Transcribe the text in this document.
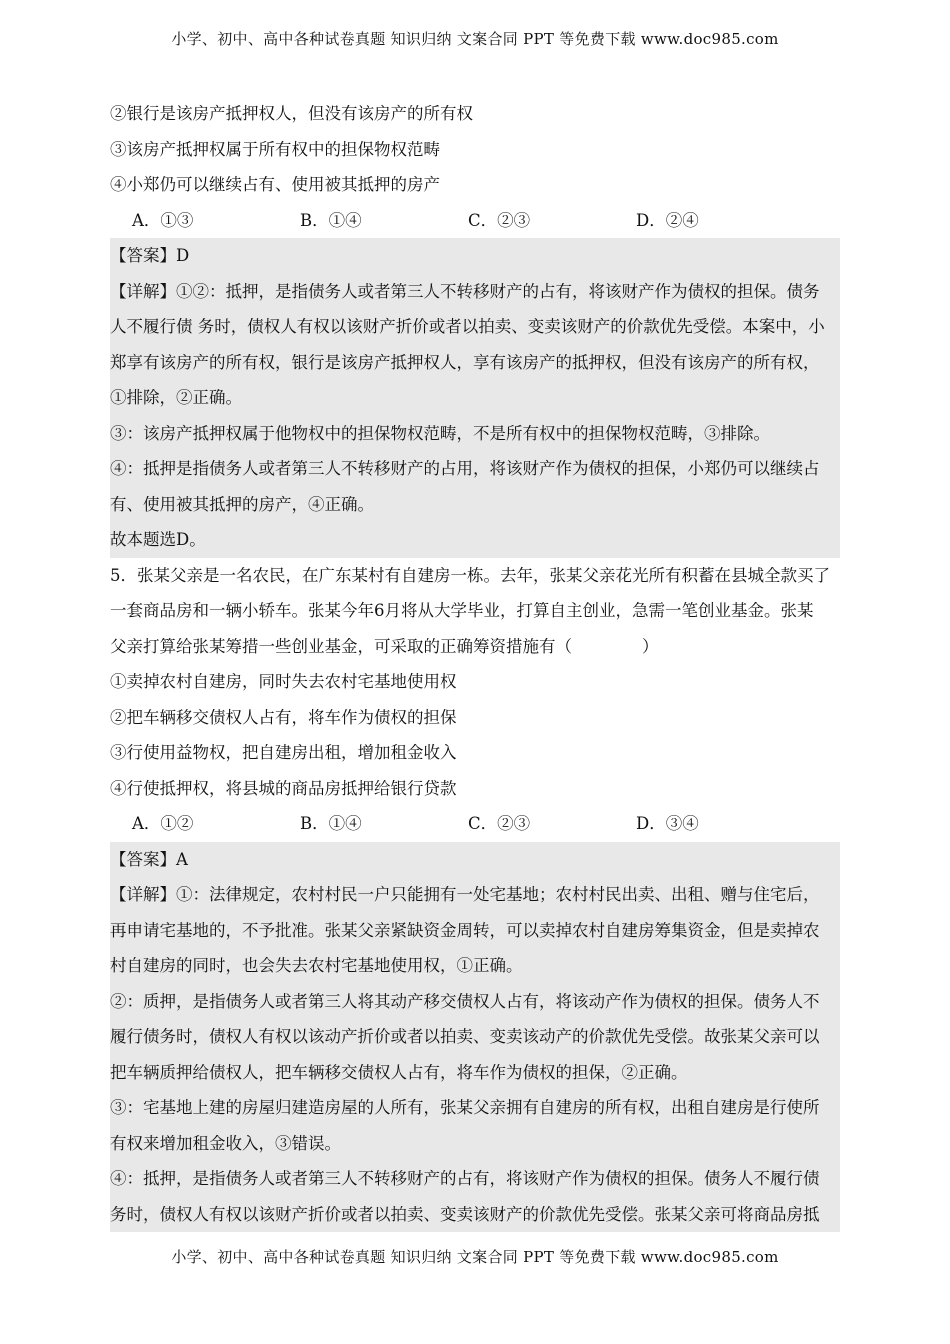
小学、初中、高中各种试卷真题 知识归纳 文案合同 PPT 等免费下载 www.doc985.com
②银行是该房产抵押权人，但没有该房产的所有权
③该房产抵押权属于所有权中的担保物权范畴
④小郑仍可以继续占有、使用被其抵押的房产
A．①③	B．①④	C．②③	D．②④
【答案】D
【详解】①②：抵押，是指债务人或者第三人不转移财产的占有，将该财产作为债权的担保。债务
人不履行债 务时，债权人有权以该财产折价或者以拍卖、变卖该财产的价款优先受偿。本案中，小
郑享有该房产的所有权，银行是该房产抵押权人，享有该房产的抵押权，但没有该房产的所有权，
①排除，②正确。
③：该房产抵押权属于他物权中的担保物权范畴，不是所有权中的担保物权范畴，③排除。
④：抵押是指债务人或者第三人不转移财产的占用，将该财产作为债权的担保，小郑仍可以继续占
有、使用被其抵押的房产，④正确。
故本题选D。
5．张某父亲是一名农民，在广东某村有自建房一栋。去年，张某父亲花光所有积蓄在县城全款买了
一套商品房和一辆小轿车。张某今年6月将从大学毕业，打算自主创业，急需一笔创业基金。张某
父亲打算给张某筹措一些创业基金，可采取的正确筹资措施有（	）
①卖掉农村自建房，同时失去农村宅基地使用权
②把车辆移交债权人占有，将车作为债权的担保
③行使用益物权，把自建房出租，增加租金收入
④行使抵押权，将县城的商品房抵押给银行贷款
A．①②	B．①④	C．②③	D．③④
【答案】A
【详解】①：法律规定，农村村民一户只能拥有一处宅基地；农村村民出卖、出租、赠与住宅后，
再申请宅基地的，不予批准。张某父亲紧缺资金周转，可以卖掉农村自建房筹集资金，但是卖掉农
村自建房的同时，也会失去农村宅基地使用权，①正确。
②：质押，是指债务人或者第三人将其动产移交债权人占有，将该动产作为债权的担保。债务人不
履行债务时，债权人有权以该动产折价或者以拍卖、变卖该动产的价款优先受偿。故张某父亲可以
把车辆质押给债权人，把车辆移交债权人占有，将车作为债权的担保，②正确。
③：宅基地上建的房屋归建造房屋的人所有，张某父亲拥有自建房的所有权，出租自建房是行使所
有权来增加租金收入，③错误。
④：抵押，是指债务人或者第三人不转移财产的占有，将该财产作为债权的担保。债务人不履行债
务时，债权人有权以该财产折价或者以拍卖、变卖该财产的价款优先受偿。张某父亲可将商品房抵
小学、初中、高中各种试卷真题 知识归纳 文案合同 PPT 等免费下载 www.doc985.com
